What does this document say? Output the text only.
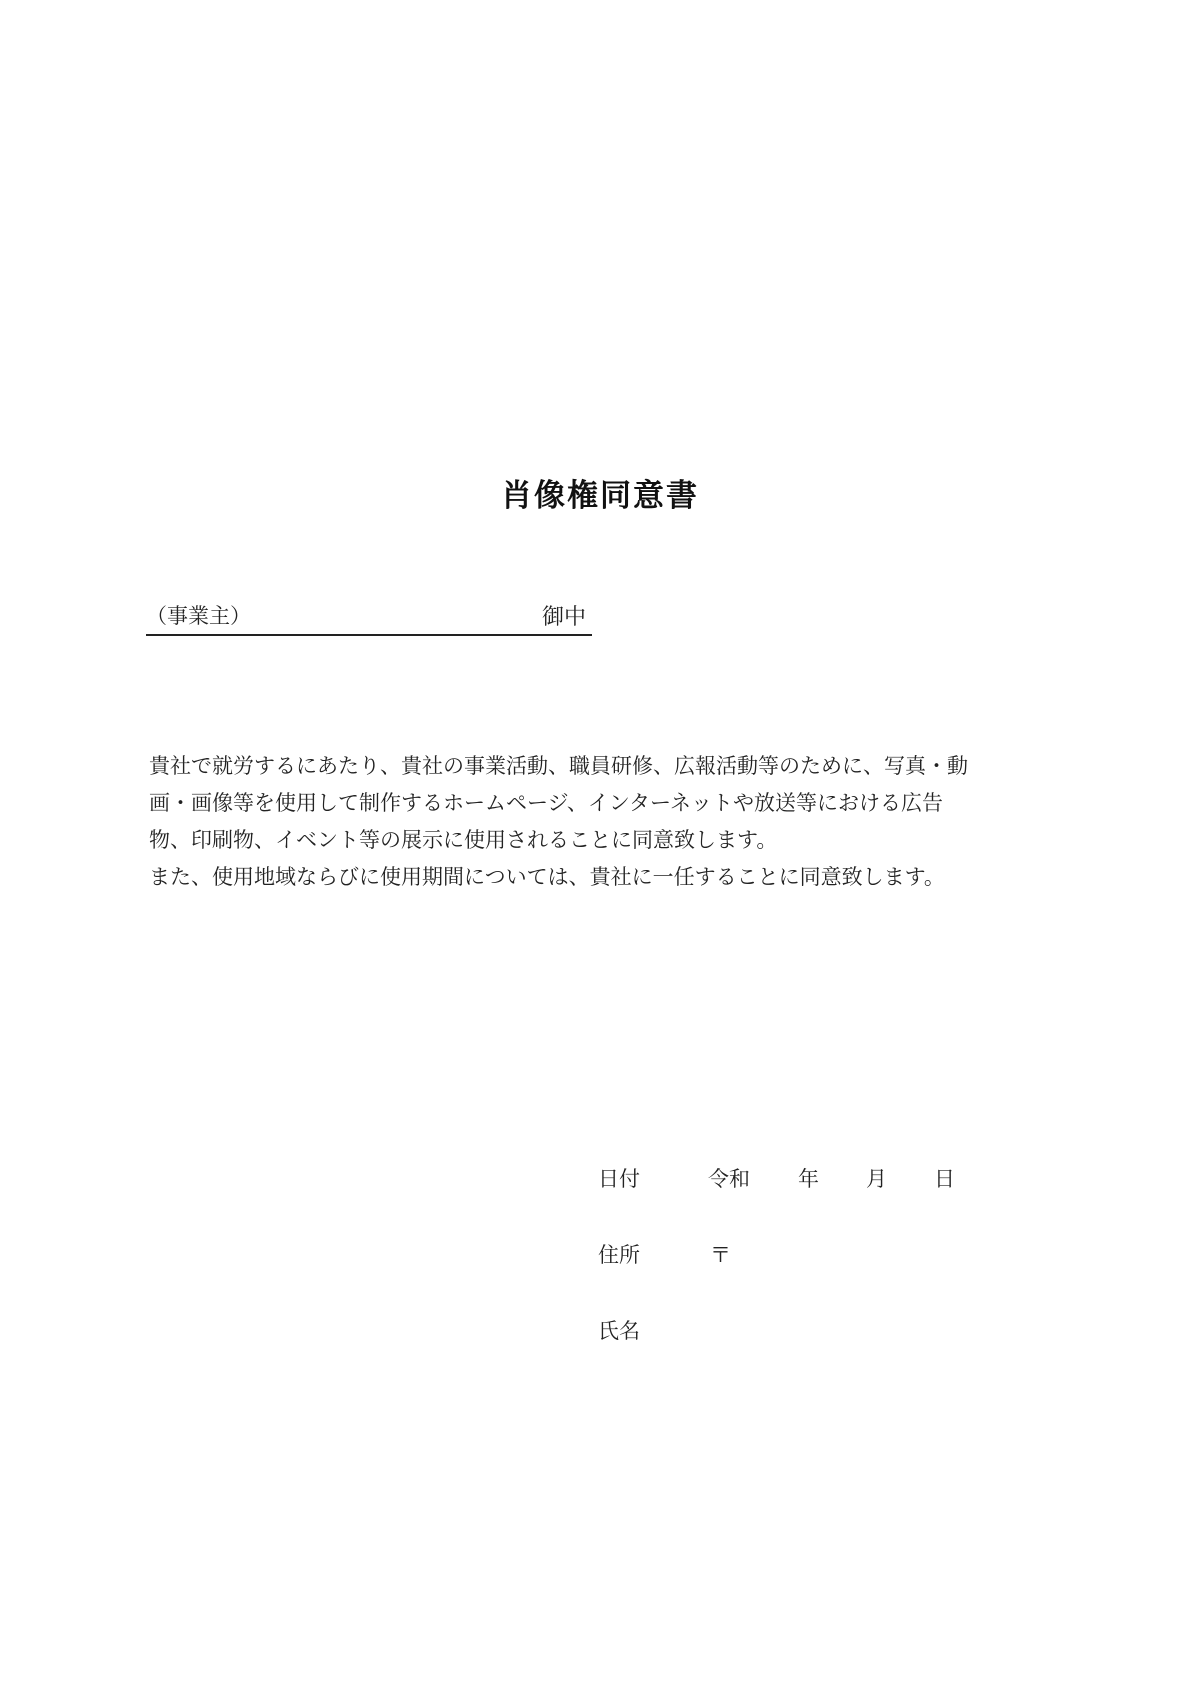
肖像権同意書
（事業主）	御中
貴社で就労するにあたり、貴社の事業活動、職員研修、広報活動等のために、写真・動
画・画像等を使用して制作するホームページ、インターネットや放送等における広告
物、印刷物、イベント等の展示に使用されることに同意致します。
また、使用地域ならびに使用期間については、貴社に一任することに同意致します。
日付	令和 年 月 日
住所	〒
氏名
